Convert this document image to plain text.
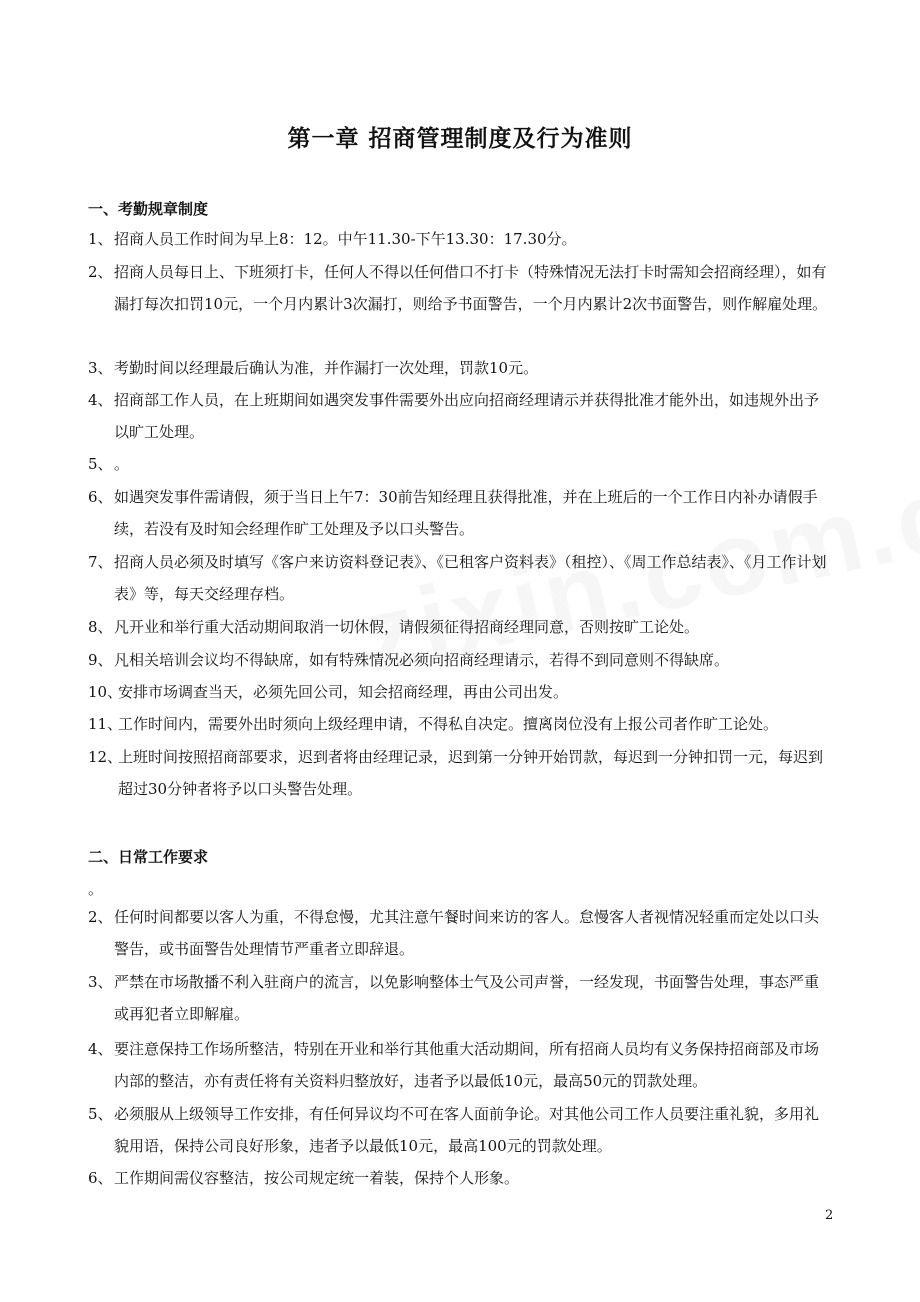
第一章 招商管理制度及行为准则
一、考勤规章制度
1、 招商人员工作时间为早上8：12。中午11.30-下午13.30：17.30分。
2、 招商人员每日上、下班须打卡，任何人不得以任何借口不打卡（特殊情况无法打卡时需知会招商经理），如有漏打每次扣罚10元，一个月内累计3次漏打，则给予书面警告，一个月内累计2次书面警告，则作解雇处理。
3、 考勤时间以经理最后确认为准，并作漏打一次处理，罚款10元。
4、 招商部工作人员，在上班期间如遇突发事件需要外出应向招商经理请示并获得批准才能外出，如违规外出予以旷工处理。
5、 。
6、 如遇突发事件需请假，须于当日上午7：30前告知经理且获得批准，并在上班后的一个工作日内补办请假手续，若没有及时知会经理作旷工处理及予以口头警告。
7、 招商人员必须及时填写《客户来访资料登记表》、《已租客户资料表》（租控）、《周工作总结表》、《月工作计划表》等，每天交经理存档。
8、 凡开业和举行重大活动期间取消一切休假，请假须征得招商经理同意，否则按旷工论处。
9、 凡相关培训会议均不得缺席，如有特殊情况必须向招商经理请示，若得不到同意则不得缺席。
10、
安排市场调查当天，必须先回公司，知会招商经理，再由公司出发。
11、
工作时间内，需要外出时须向上级经理申请，不得私自决定。擅离岗位没有上报公司者作旷工论处。
12、
上班时间按照招商部要求，迟到者将由经理记录，迟到第一分钟开始罚款，每迟到一分钟扣罚一元，每迟到超过30分钟者将予以口头警告处理。
二、日常工作要求
。
2、 任何时间都要以客人为重，不得怠慢，尤其注意午餐时间来访的客人。怠慢客人者视情况轻重而定处以口头警告，或书面警告处理情节严重者立即辞退。
3、 严禁在市场散播不利入驻商户的流言，以免影响整体士气及公司声誉，一经发现，书面警告处理，事态严重或再犯者立即解雇。
4、 要注意保持工作场所整洁，特别在开业和举行其他重大活动期间，所有招商人员均有义务保持招商部及市场内部的整洁，亦有责任将有关资料归整放好，违者予以最低10元，最高50元的罚款处理。
5、 必须服从上级领导工作安排，有任何异议均不可在客人面前争论。对其他公司工作人员要注重礼貌，多用礼貌用语，保持公司良好形象，违者予以最低10元，最高100元的罚款处理。
6、 工作期间需仪容整洁，按公司规定统一着装，保持个人形象。
2
